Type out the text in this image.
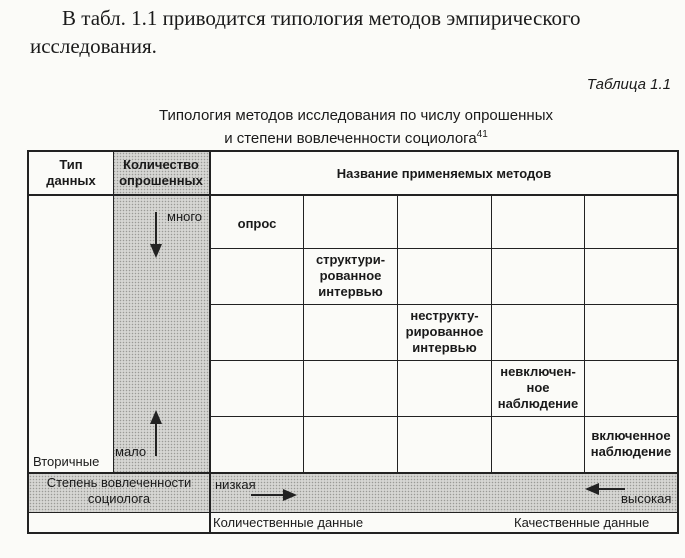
В табл. 1.1 приводится типология методов эмпирического исследования.

Таблица 1.1
Типология методов исследования по числу опрошенных
и степени вовлеченности социолога$^{41}$
Тип
данных
Количество
опрошенных	Название применяемых методов
много
мало
Вторичные
опрос
структури-
рованное
интервью
неструкту-
рированное
интервью
невключен-
ное
наблюдение
включенное
наблюдение
Степень вовлеченности
социолога
низкая
высокая
Количественные данные	Качественные данные
